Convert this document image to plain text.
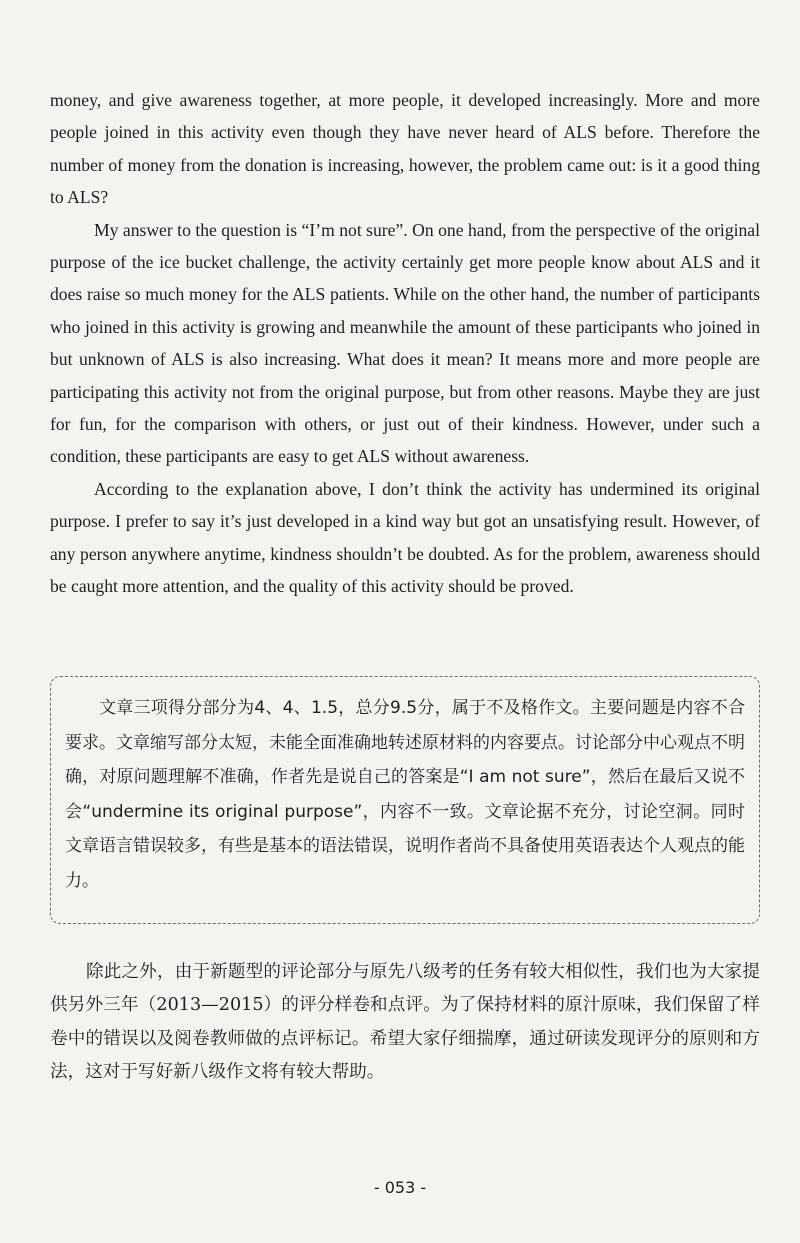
money, and give awareness together, at more people, it developed increasingly. More and more people joined in this activity even though they have never heard of ALS before. Therefore the number of money from the donation is increasing, however, the problem came out: is it a good thing to ALS?

My answer to the question is “I’m not sure”. On one hand, from the perspective of the original purpose of the ice bucket challenge, the activity certainly get more people know about ALS and it does raise so much money for the ALS patients. While on the other hand, the number of participants who joined in this activity is growing and meanwhile the amount of these participants who joined in but unknown of ALS is also increasing. What does it mean? It means more and more people are participating this activity not from the original purpose, but from other reasons. Maybe they are just for fun, for the comparison with others, or just out of their kindness. However, under such a condition, these participants are easy to get ALS without awareness.

According to the explanation above, I don’t think the activity has undermined its original purpose. I prefer to say it’s just developed in a kind way but got an unsatisfying result. However, of any person anywhere anytime, kindness shouldn’t be doubted. As for the problem, awareness should be caught more attention, and the quality of this activity should be proved.

文章三项得分部分为4、4、1.5，总分9.5分，属于不及格作文。主要问题是内容不合要求。文章缩写部分太短，未能全面准确地转述原材料的内容要点。讨论部分中心观点不明确，对原问题理解不准确，作者先是说自己的答案是“I am not sure”，然后在最后又说不会“undermine its original purpose”，内容不一致。文章论据不充分，讨论空洞。同时文章语言错误较多，有些是基本的语法错误，说明作者尚不具备使用英语表达个人观点的能力。

除此之外，由于新题型的评论部分与原先八级考的任务有较大相似性，我们也为大家提供另外三年（2013—2015）的评分样卷和点评。为了保持材料的原汁原味，我们保留了样卷中的错误以及阅卷教师做的点评标记。希望大家仔细揣摩，通过研读发现评分的原则和方法，这对于写好新八级作文将有较大帮助。

- 053 -
